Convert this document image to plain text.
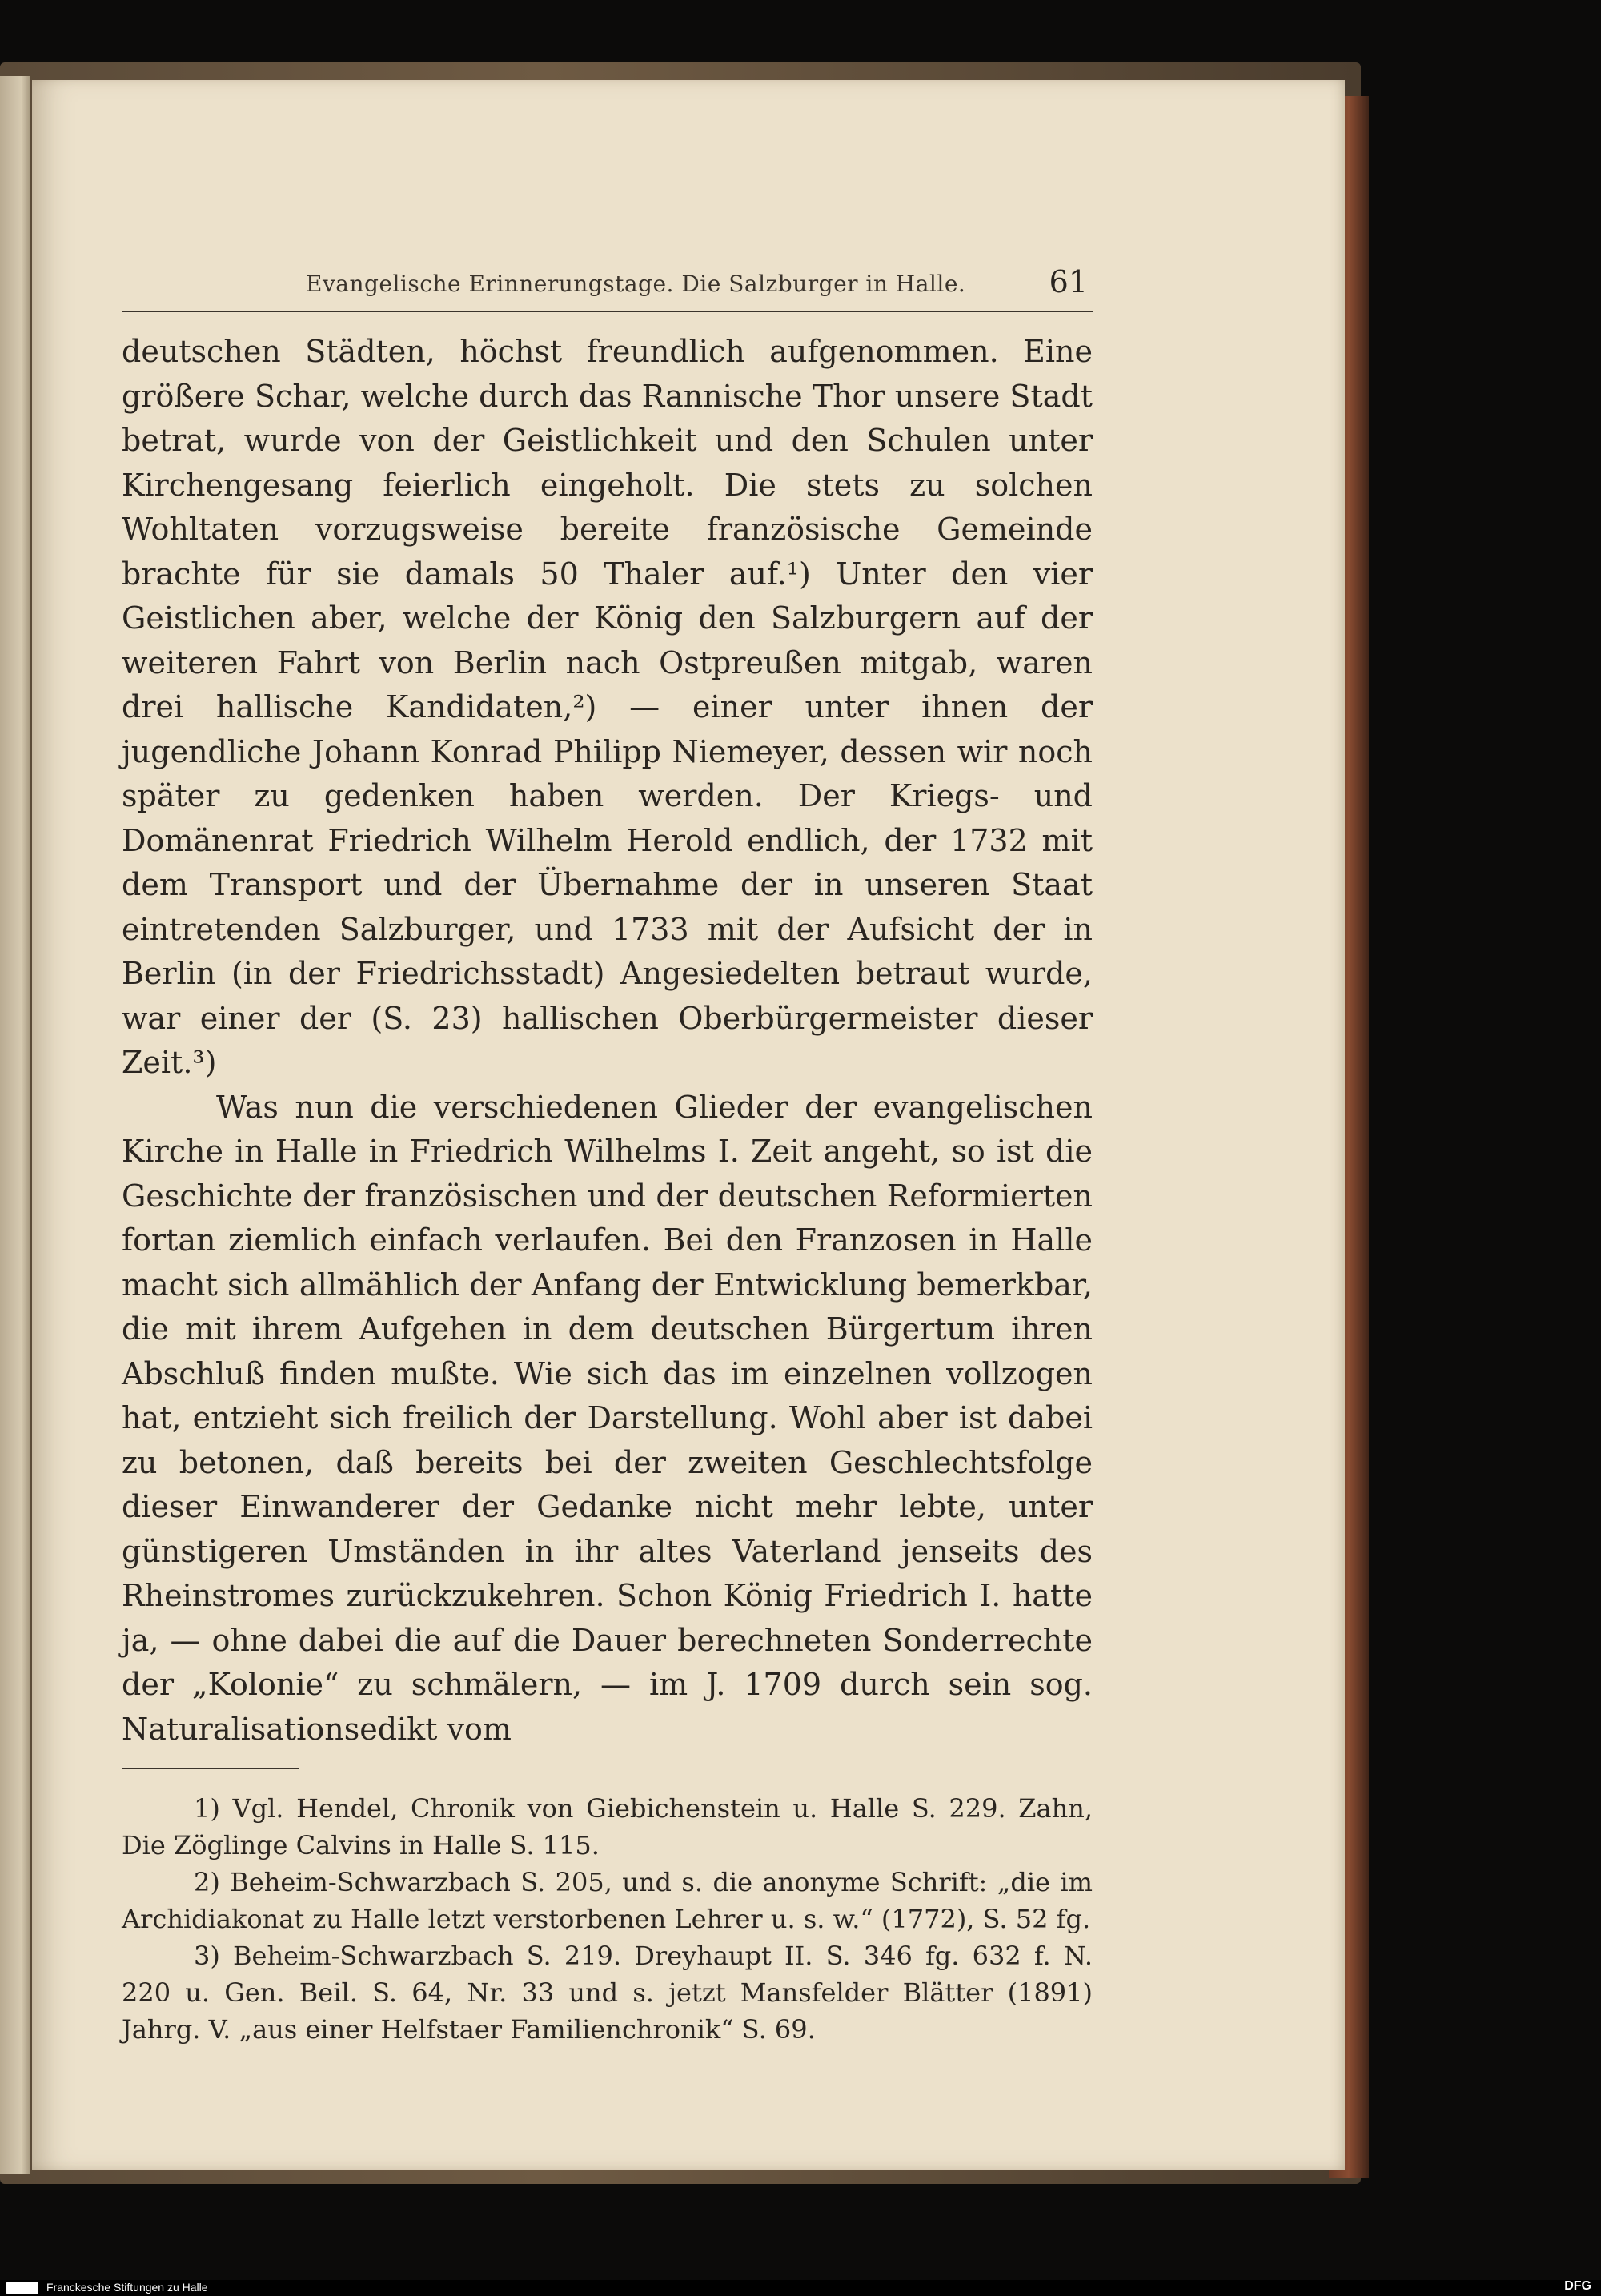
Evangelische Erinnerungstage. Die Salzburger in Halle.	61

deutschen Städten, höchst freundlich aufgenommen. Eine größere Schar, welche durch das Rannische Thor unsere Stadt betrat, wurde von der Geistlichkeit und den Schulen unter Kirchengesang feierlich eingeholt. Die stets zu solchen Wohltaten vorzugsweise bereite französische Gemeinde brachte für sie damals 50 Thaler auf.¹) Unter den vier Geistlichen aber, welche der König den Salzburgern auf der weiteren Fahrt von Berlin nach Ostpreußen mitgab, waren drei hallische Kandidaten,²) — einer unter ihnen der jugendliche Johann Konrad Philipp Niemeyer, dessen wir noch später zu gedenken haben werden. Der Kriegs- und Domänenrat Friedrich Wilhelm Herold endlich, der 1732 mit dem Transport und der Übernahme der in unseren Staat eintretenden Salzburger, und 1733 mit der Aufsicht der in Berlin (in der Friedrichsstadt) Angesiedelten betraut wurde, war einer der (S. 23) hallischen Oberbürgermeister dieser Zeit.³)

Was nun die verschiedenen Glieder der evangelischen Kirche in Halle in Friedrich Wilhelms I. Zeit angeht, so ist die Geschichte der französischen und der deutschen Reformierten fortan ziemlich einfach verlaufen. Bei den Franzosen in Halle macht sich allmählich der Anfang der Entwicklung bemerkbar, die mit ihrem Aufgehen in dem deutschen Bürgertum ihren Abschluß finden mußte. Wie sich das im einzelnen vollzogen hat, entzieht sich freilich der Darstellung. Wohl aber ist dabei zu betonen, daß bereits bei der zweiten Geschlechtsfolge dieser Einwanderer der Gedanke nicht mehr lebte, unter günstigeren Umständen in ihr altes Vaterland jenseits des Rheinstromes zurückzukehren. Schon König Friedrich I. hatte ja, — ohne dabei die auf die Dauer berechneten Sonderrechte der „Kolonie“ zu schmälern, — im J. 1709 durch sein sog. Naturalisationsedikt vom

1) Vgl. Hendel, Chronik von Giebichenstein u. Halle S. 229. Zahn, Die Zöglinge Calvins in Halle S. 115.

2) Beheim-Schwarzbach S. 205, und s. die anonyme Schrift: „die im Archidiakonat zu Halle letzt verstorbenen Lehrer u. s. w.“ (1772), S. 52 fg.

3) Beheim-Schwarzbach S. 219. Dreyhaupt II. S. 346 fg. 632 f. N. 220 u. Gen. Beil. S. 64, Nr. 33 und s. jetzt Mansfelder Blätter (1891) Jahrg. V. „aus einer Helfstaer Familienchronik“ S. 69.

Franckesche Stiftungen zu Halle	DFG
